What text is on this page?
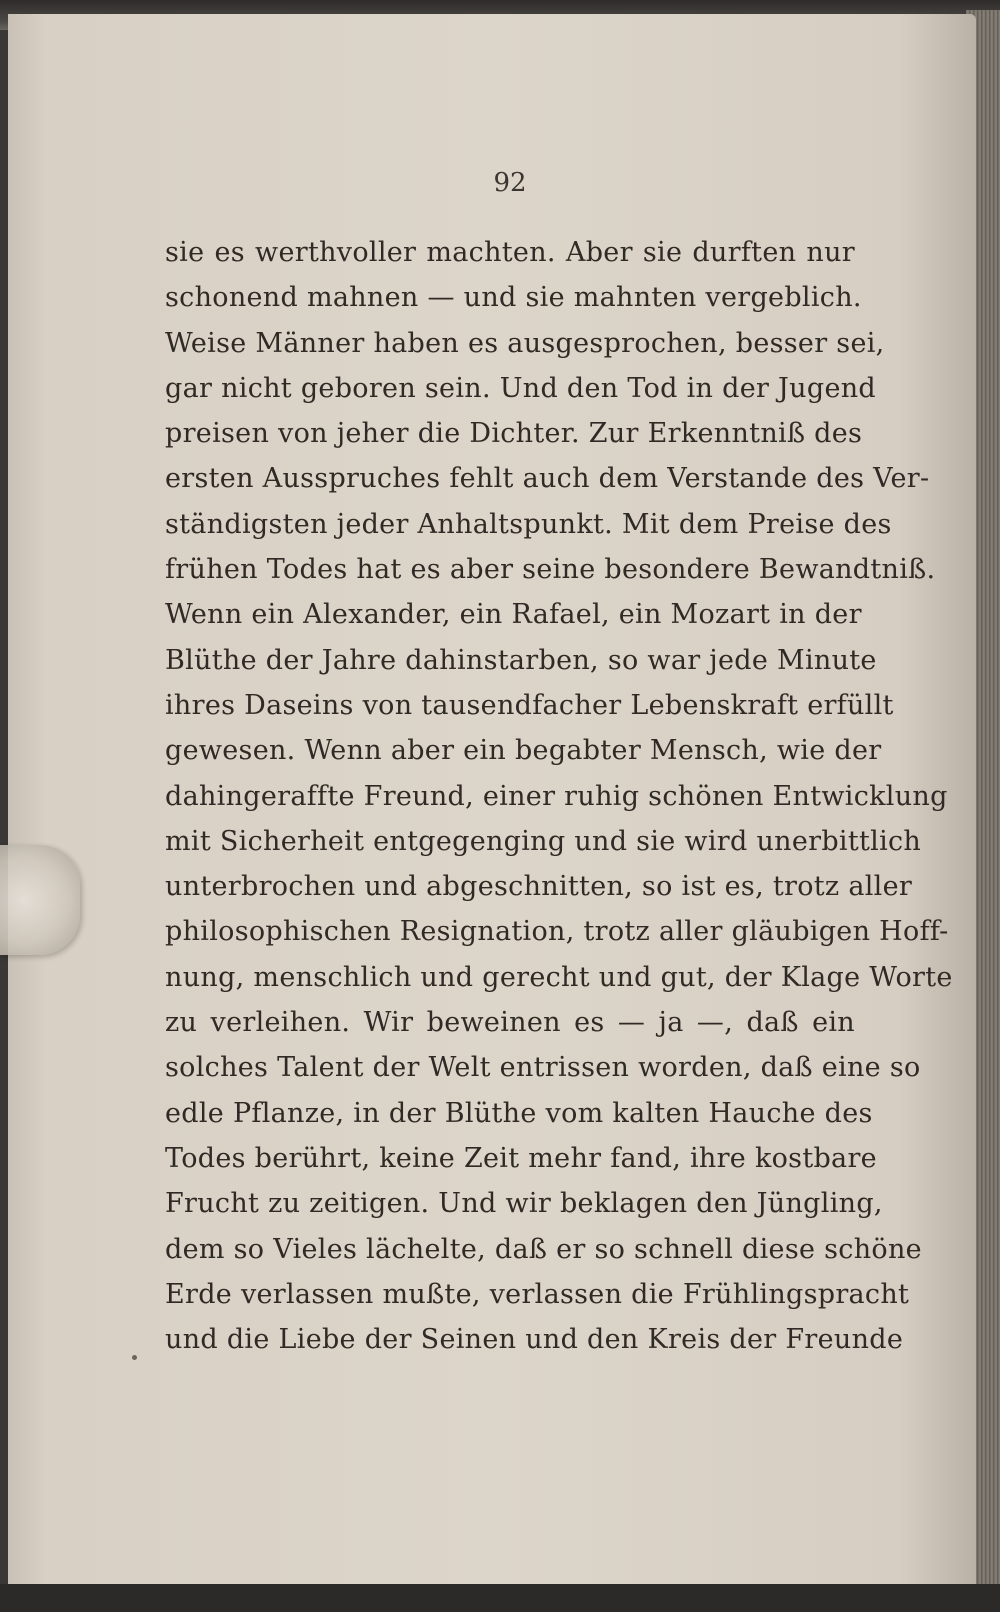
92
sie es werthvoller machten. Aber sie durften nur
schonend mahnen — und sie mahnten vergeblich.
Weise Männer haben es ausgesprochen, besser sei,
gar nicht geboren sein. Und den Tod in der Jugend
preisen von jeher die Dichter. Zur Erkenntniß des
ersten Ausspruches fehlt auch dem Verstande des Ver-
ständigsten jeder Anhaltspunkt. Mit dem Preise des
frühen Todes hat es aber seine besondere Bewandtniß.
Wenn ein Alexander, ein Rafael, ein Mozart in der
Blüthe der Jahre dahinstarben, so war jede Minute
ihres Daseins von tausendfacher Lebenskraft erfüllt
gewesen. Wenn aber ein begabter Mensch, wie der
dahingeraffte Freund, einer ruhig schönen Entwicklung
mit Sicherheit entgegenging und sie wird unerbittlich
unterbrochen und abgeschnitten, so ist es, trotz aller
philosophischen Resignation, trotz aller gläubigen Hoff-
nung, menschlich und gerecht und gut, der Klage Worte
zu verleihen. Wir beweinen es — ja —, daß ein
solches Talent der Welt entrissen worden, daß eine so
edle Pflanze, in der Blüthe vom kalten Hauche des
Todes berührt, keine Zeit mehr fand, ihre kostbare
Frucht zu zeitigen. Und wir beklagen den Jüngling,
dem so Vieles lächelte, daß er so schnell diese schöne
Erde verlassen mußte, verlassen die Frühlingspracht
und die Liebe der Seinen und den Kreis der Freunde
